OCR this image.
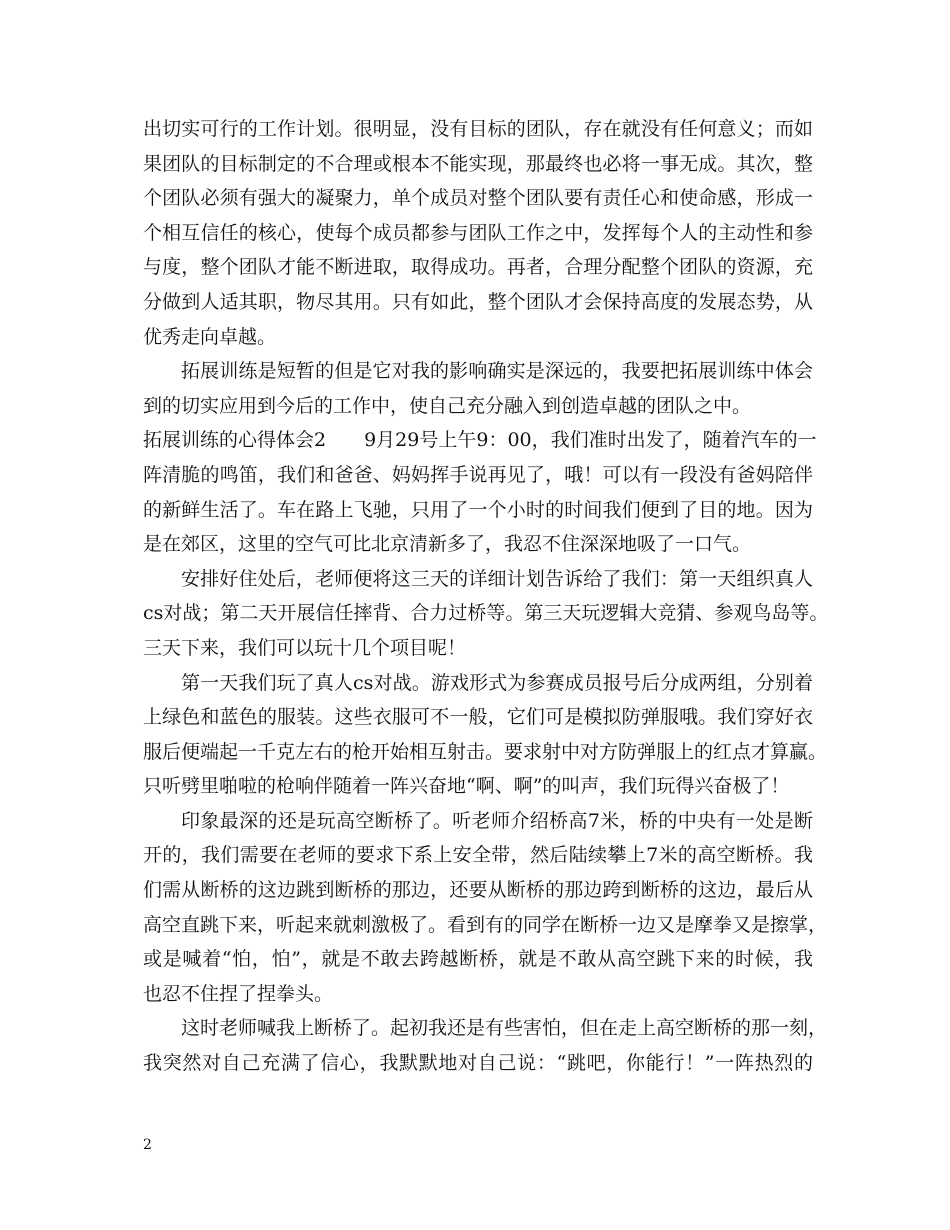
出切实可行的工作计划。很明显，没有目标的团队，存在就没有任何意义；而如
果团队的目标制定的不合理或根本不能实现，那最终也必将一事无成。其次，整
个团队必须有强大的凝聚力，单个成员对整个团队要有责任心和使命感，形成一
个相互信任的核心，使每个成员都参与团队工作之中，发挥每个人的主动性和参
与度，整个团队才能不断进取，取得成功。再者，合理分配整个团队的资源，充
分做到人适其职，物尽其用。只有如此，整个团队才会保持高度的发展态势，从
优秀走向卓越。
拓展训练是短暂的但是它对我的影响确实是深远的，我要把拓展训练中体会
到的切实应用到今后的工作中，使自己充分融入到创造卓越的团队之中。
拓展训练的心得体会2　　9月29号上午9：00，我们准时出发了，随着汽车的一
阵清脆的鸣笛，我们和爸爸、妈妈挥手说再见了，哦！可以有一段没有爸妈陪伴
的新鲜生活了。车在路上飞驰，只用了一个小时的时间我们便到了目的地。因为
是在郊区，这里的空气可比北京清新多了，我忍不住深深地吸了一口气。
安排好住处后，老师便将这三天的详细计划告诉给了我们：第一天组织真人
cs对战；第二天开展信任摔背、合力过桥等。第三天玩逻辑大竞猜、参观鸟岛等。
三天下来，我们可以玩十几个项目呢！
第一天我们玩了真人cs对战。游戏形式为参赛成员报号后分成两组，分别着
上绿色和蓝色的服装。这些衣服可不一般，它们可是模拟防弹服哦。我们穿好衣
服后便端起一千克左右的枪开始相互射击。要求射中对方防弹服上的红点才算赢。
只听劈里啪啦的枪响伴随着一阵兴奋地“啊、啊”的叫声，我们玩得兴奋极了！
印象最深的还是玩高空断桥了。听老师介绍桥高7米，桥的中央有一处是断
开的，我们需要在老师的要求下系上安全带，然后陆续攀上7米的高空断桥。我
们需从断桥的这边跳到断桥的那边，还要从断桥的那边跨到断桥的这边，最后从
高空直跳下来，听起来就刺激极了。看到有的同学在断桥一边又是摩拳又是擦掌，
或是喊着“怕，怕”，就是不敢去跨越断桥，就是不敢从高空跳下来的时候，我
也忍不住捏了捏拳头。
这时老师喊我上断桥了。起初我还是有些害怕，但在走上高空断桥的那一刻，
我突然对自己充满了信心，我默默地对自己说：“跳吧，你能行！”一阵热烈的
2
